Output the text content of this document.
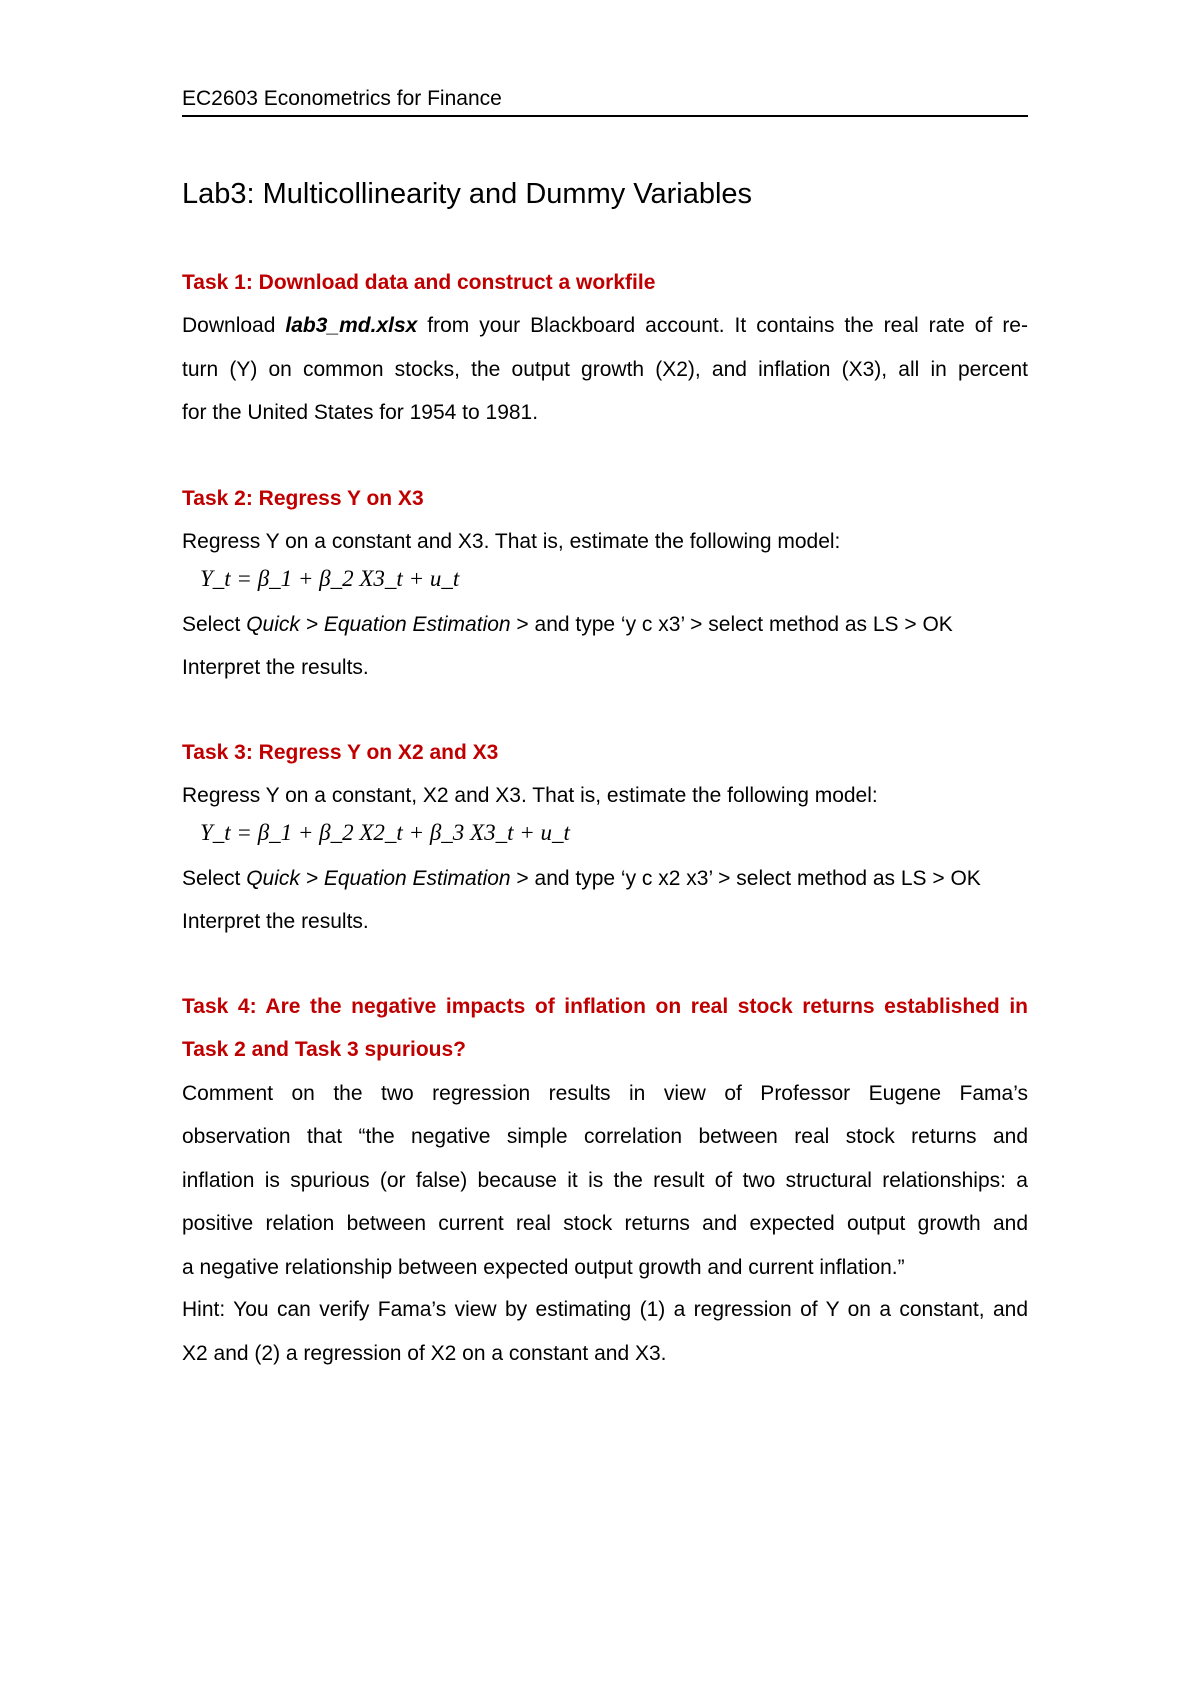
EC2603 Econometrics for Finance
Lab3: Multicollinearity and Dummy Variables
Task 1: Download data and construct a workfile
Download lab3_md.xlsx from your Blackboard account. It contains the real rate of re-
turn (Y) on common stocks, the output growth (X2), and inflation (X3), all in percent
for the United States for 1954 to 1981.
Task 2: Regress Y on X3
Regress Y on a constant and X3. That is, estimate the following model:
Y_t = β_1 + β_2 X3_t + u_t
Select Quick > Equation Estimation > and type ‘y c x3’ > select method as LS > OK
Interpret the results.
Task 3: Regress Y on X2 and X3
Regress Y on a constant, X2 and X3. That is, estimate the following model:
Y_t = β_1 + β_2 X2_t + β_3 X3_t + u_t
Select Quick > Equation Estimation > and type ‘y c x2 x3’ > select method as LS > OK
Interpret the results.
Task 4: Are the negative impacts of inflation on real stock returns established in
Task 2 and Task 3 spurious?
Comment on the two regression results in view of Professor Eugene Fama’s
observation that “the negative simple correlation between real stock returns and
inflation is spurious (or false) because it is the result of two structural relationships: a
positive relation between current real stock returns and expected output growth and
a negative relationship between expected output growth and current inflation.”
Hint: You can verify Fama’s view by estimating (1) a regression of Y on a constant, and
X2 and (2) a regression of X2 on a constant and X3.
